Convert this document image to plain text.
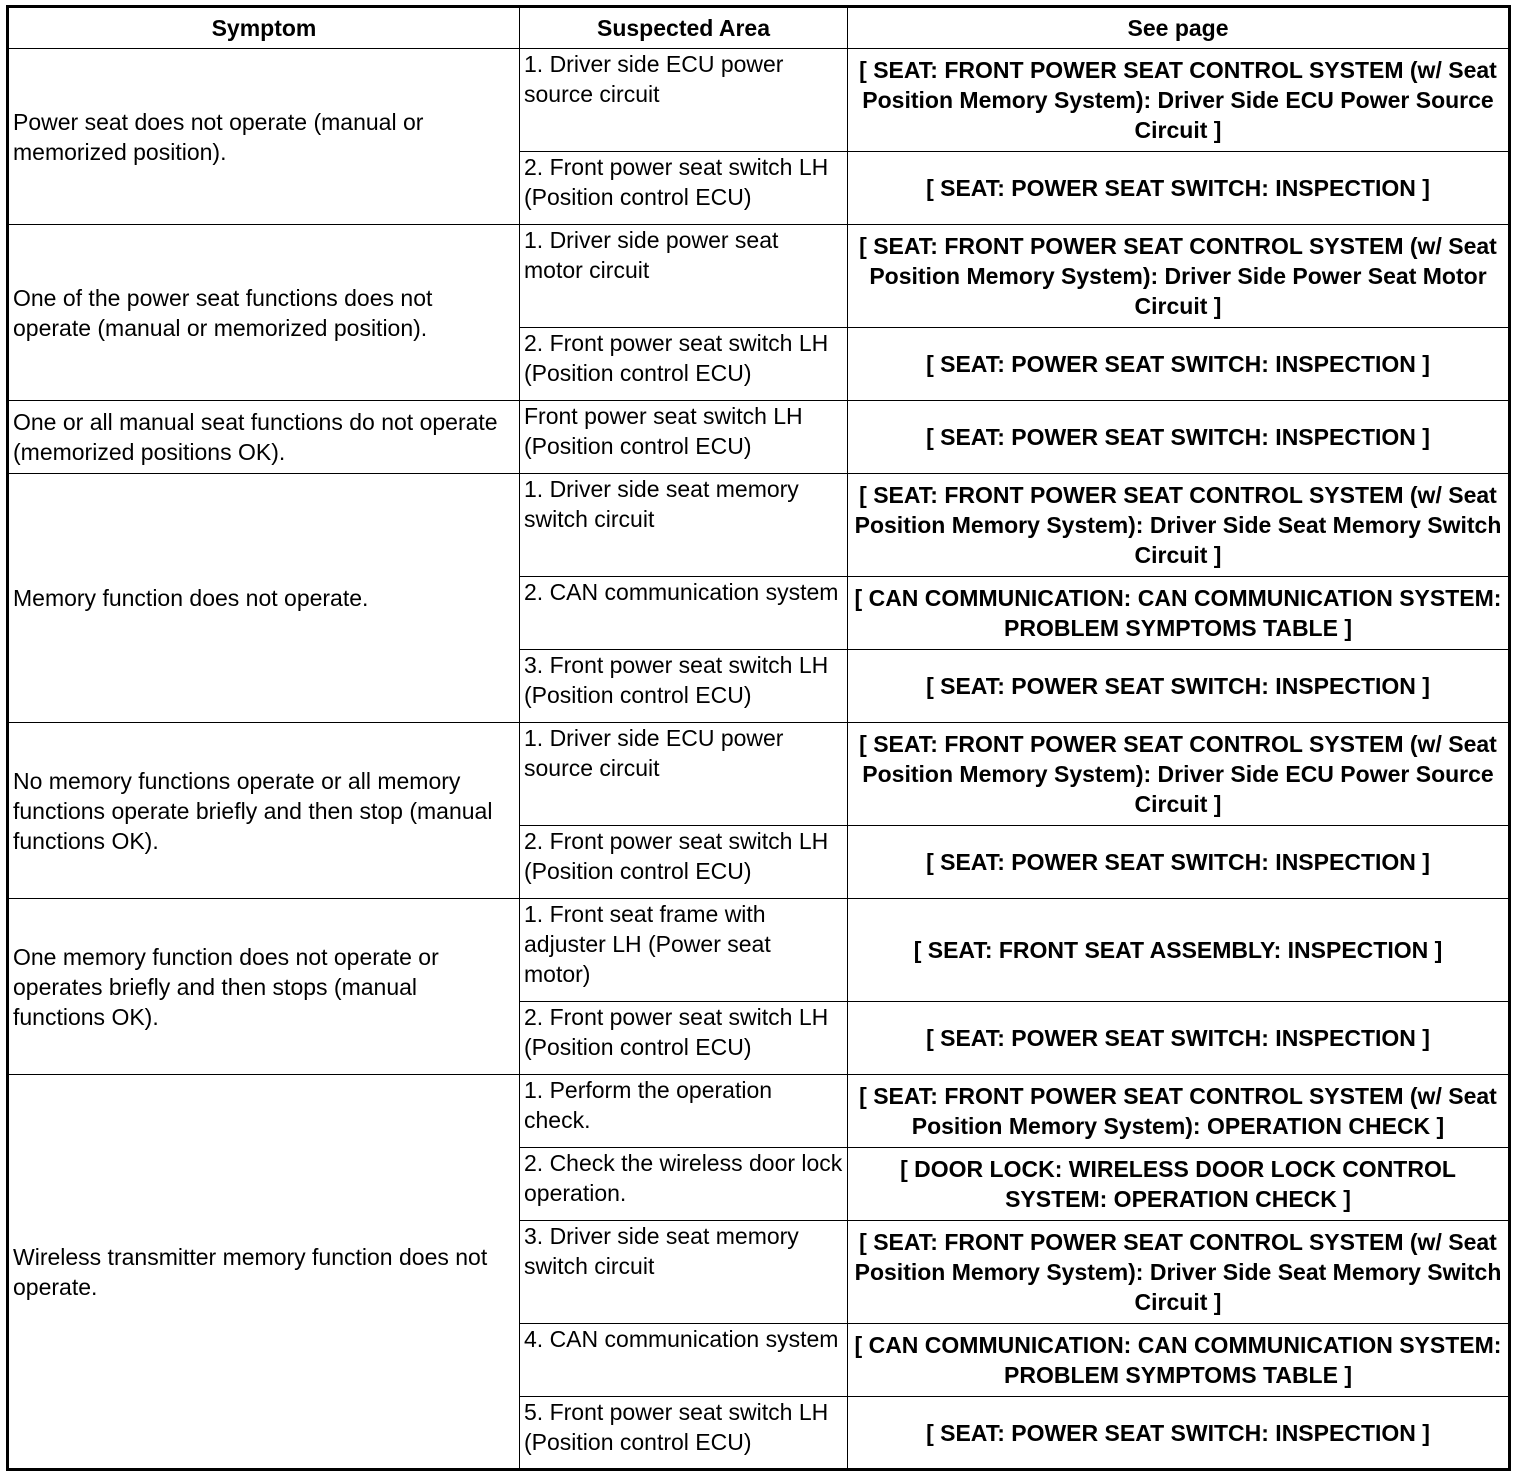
Symptom	Suspected Area	See page
Power seat does not operate (manual or memorized position).	1. Driver side ECU power source circuit	[ SEAT: FRONT POWER SEAT CONTROL SYSTEM (w/ Seat Position Memory System): Driver Side ECU Power Source Circuit ]
	2. Front power seat switch LH (Position control ECU)	[ SEAT: POWER SEAT SWITCH: INSPECTION ]
One of the power seat functions does not operate (manual or memorized position).	1. Driver side power seat motor circuit	[ SEAT: FRONT POWER SEAT CONTROL SYSTEM (w/ Seat Position Memory System): Driver Side Power Seat Motor Circuit ]
	2. Front power seat switch LH (Position control ECU)	[ SEAT: POWER SEAT SWITCH: INSPECTION ]
One or all manual seat functions do not operate (memorized positions OK).	Front power seat switch LH (Position control ECU)	[ SEAT: POWER SEAT SWITCH: INSPECTION ]
Memory function does not operate.	1. Driver side seat memory switch circuit	[ SEAT: FRONT POWER SEAT CONTROL SYSTEM (w/ Seat Position Memory System): Driver Side Seat Memory Switch Circuit ]
	2. CAN communication system	[ CAN COMMUNICATION: CAN COMMUNICATION SYSTEM: PROBLEM SYMPTOMS TABLE ]
	3. Front power seat switch LH (Position control ECU)	[ SEAT: POWER SEAT SWITCH: INSPECTION ]
No memory functions operate or all memory functions operate briefly and then stop (manual functions OK).	1. Driver side ECU power source circuit	[ SEAT: FRONT POWER SEAT CONTROL SYSTEM (w/ Seat Position Memory System): Driver Side ECU Power Source Circuit ]
	2. Front power seat switch LH (Position control ECU)	[ SEAT: POWER SEAT SWITCH: INSPECTION ]
One memory function does not operate or operates briefly and then stops (manual functions OK).	1. Front seat frame with adjuster LH (Power seat motor)	[ SEAT: FRONT SEAT ASSEMBLY: INSPECTION ]
	2. Front power seat switch LH (Position control ECU)	[ SEAT: POWER SEAT SWITCH: INSPECTION ]
Wireless transmitter memory function does not operate.	1. Perform the operation check.	[ SEAT: FRONT POWER SEAT CONTROL SYSTEM (w/ Seat Position Memory System): OPERATION CHECK ]
	2. Check the wireless door lock operation.	[ DOOR LOCK: WIRELESS DOOR LOCK CONTROL SYSTEM: OPERATION CHECK ]
	3. Driver side seat memory switch circuit	[ SEAT: FRONT POWER SEAT CONTROL SYSTEM (w/ Seat Position Memory System): Driver Side Seat Memory Switch Circuit ]
	4. CAN communication system	[ CAN COMMUNICATION: CAN COMMUNICATION SYSTEM: PROBLEM SYMPTOMS TABLE ]
	5. Front power seat switch LH (Position control ECU)	[ SEAT: POWER SEAT SWITCH: INSPECTION ]
